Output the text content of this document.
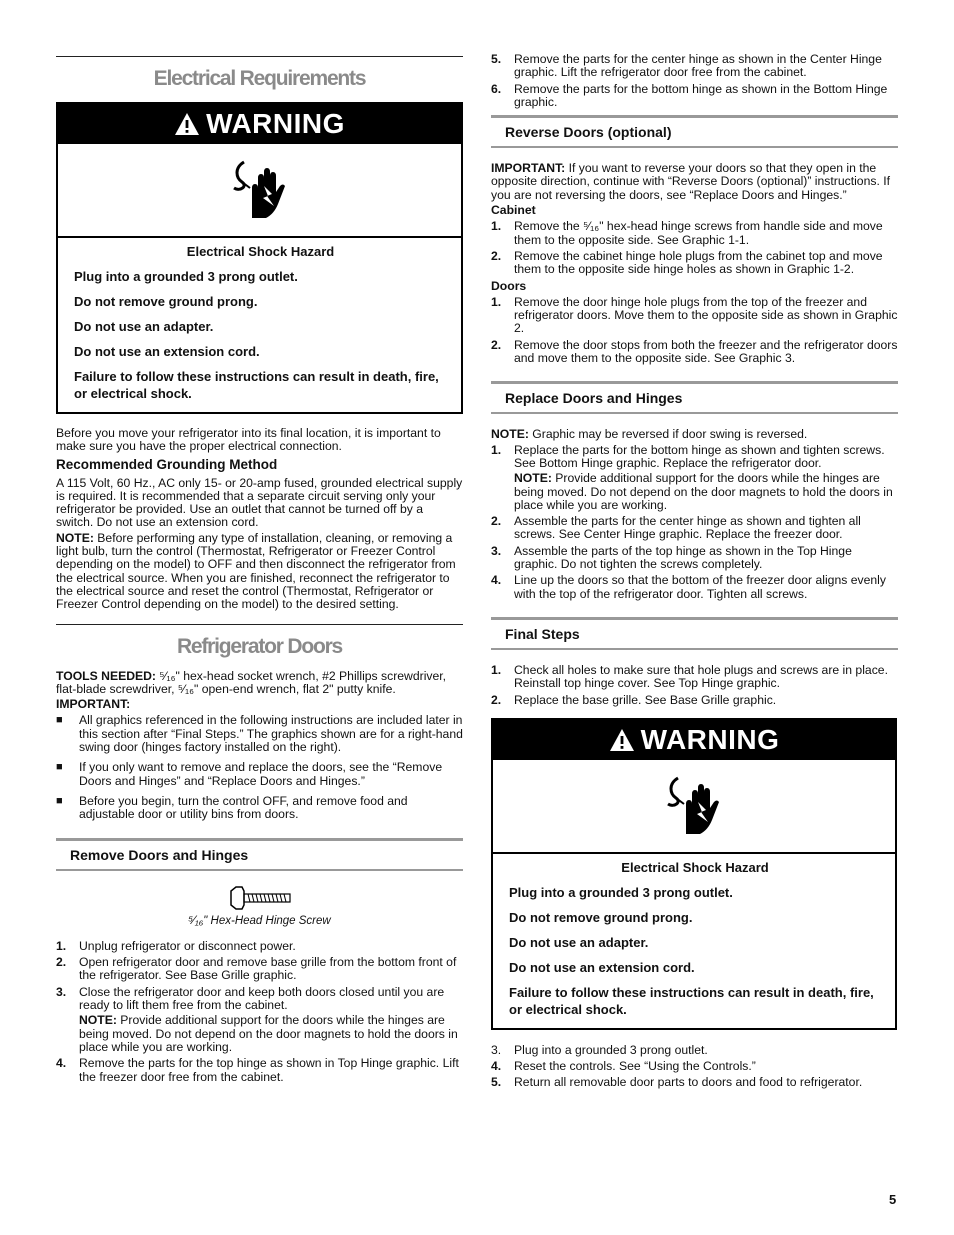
Electrical Requirements
WARNING
Electrical Shock Hazard

Plug into a grounded 3 prong outlet.

Do not remove ground prong.

Do not use an adapter.

Do not use an extension cord.

Failure to follow these instructions can result in death, fire, or electrical shock.

Before you move your refrigerator into its final location, it is important to make sure you have the proper electrical connection.

Recommended Grounding Method

A 115 Volt, 60 Hz., AC only 15- or 20-amp fused, grounded electrical supply is required. It is recommended that a separate circuit serving only your refrigerator be provided. Use an outlet that cannot be turned off by a switch. Do not use an extension cord.

NOTE: Before performing any type of installation, cleaning, or removing a light bulb, turn the control (Thermostat, Refrigerator or Freezer Control depending on the model) to OFF and then disconnect the refrigerator from the electrical source. When you are finished, reconnect the refrigerator to the electrical source and reset the control (Thermostat, Refrigerator or Freezer Control depending on the model) to the desired setting.

Refrigerator Doors

TOOLS NEEDED: ⁵⁄₁₆" hex-head socket wrench, #2 Phillips screwdriver, flat-blade screwdriver, ⁵⁄₁₆" open-end wrench, flat 2" putty knife.

IMPORTANT:
■	All graphics referenced in the following instructions are included later in this section after “Final Steps.” The graphics shown are for a right-hand swing door (hinges factory installed on the right).
■	If you only want to remove and replace the doors, see the “Remove Doors and Hinges” and “Replace Doors and Hinges.”
■	Before you begin, turn the control OFF, and remove food and adjustable door or utility bins from doors.
Remove Doors and Hinges
⁵⁄₁₆" Hex-Head Hinge Screw
1.	Unplug refrigerator or disconnect power.
2.	Open refrigerator door and remove base grille from the bottom front of the refrigerator. See Base Grille graphic.
3.	Close the refrigerator door and keep both doors closed until you are ready to lift them free from the cabinet.
NOTE: Provide additional support for the doors while the hinges are being moved. Do not depend on the door magnets to hold the doors in place while you are working.
4.	Remove the parts for the top hinge as shown in Top Hinge graphic. Lift the freezer door free from the cabinet.
5.	Remove the parts for the center hinge as shown in the Center Hinge graphic. Lift the refrigerator door free from the cabinet.
6.	Remove the parts for the bottom hinge as shown in the Bottom Hinge graphic.
Reverse Doors (optional)

IMPORTANT: If you want to reverse your doors so that they open in the opposite direction, continue with “Reverse Doors (optional)” instructions. If you are not reversing the doors, see “Replace Doors and Hinges.”

Cabinet
1.	Remove the ⁵⁄₁₆" hex-head hinge screws from handle side and move them to the opposite side. See Graphic 1-1.
2.	Remove the cabinet hinge hole plugs from the cabinet top and move them to the opposite side hinge holes as shown in Graphic 1-2.
Doors
1.	Remove the door hinge hole plugs from the top of the freezer and refrigerator doors. Move them to the opposite side as shown in Graphic 2.
2.	Remove the door stops from both the freezer and the refrigerator doors and move them to the opposite side. See Graphic 3.
Replace Doors and Hinges

NOTE: Graphic may be reversed if door swing is reversed.

1.	Replace the parts for the bottom hinge as shown and tighten screws. See Bottom Hinge graphic. Replace the refrigerator door.
NOTE: Provide additional support for the doors while the hinges are being moved. Do not depend on the door magnets to hold the doors in place while you are working.
2.	Assemble the parts for the center hinge as shown and tighten all screws. See Center Hinge graphic. Replace the freezer door.
3.	Assemble the parts of the top hinge as shown in the Top Hinge graphic. Do not tighten the screws completely.
4.	Line up the doors so that the bottom of the freezer door aligns evenly with the top of the refrigerator door. Tighten all screws.
Final Steps
1.	Check all holes to make sure that hole plugs and screws are in place. Reinstall top hinge cover. See Top Hinge graphic.
2.	Replace the base grille. See Base Grille graphic.
WARNING
Electrical Shock Hazard

Plug into a grounded 3 prong outlet.

Do not remove ground prong.

Do not use an adapter.

Do not use an extension cord.

Failure to follow these instructions can result in death, fire, or electrical shock.

3.	Plug into a grounded 3 prong outlet.
4.	Reset the controls. See “Using the Controls.”
5.	Return all removable door parts to doors and food to refrigerator.
5
